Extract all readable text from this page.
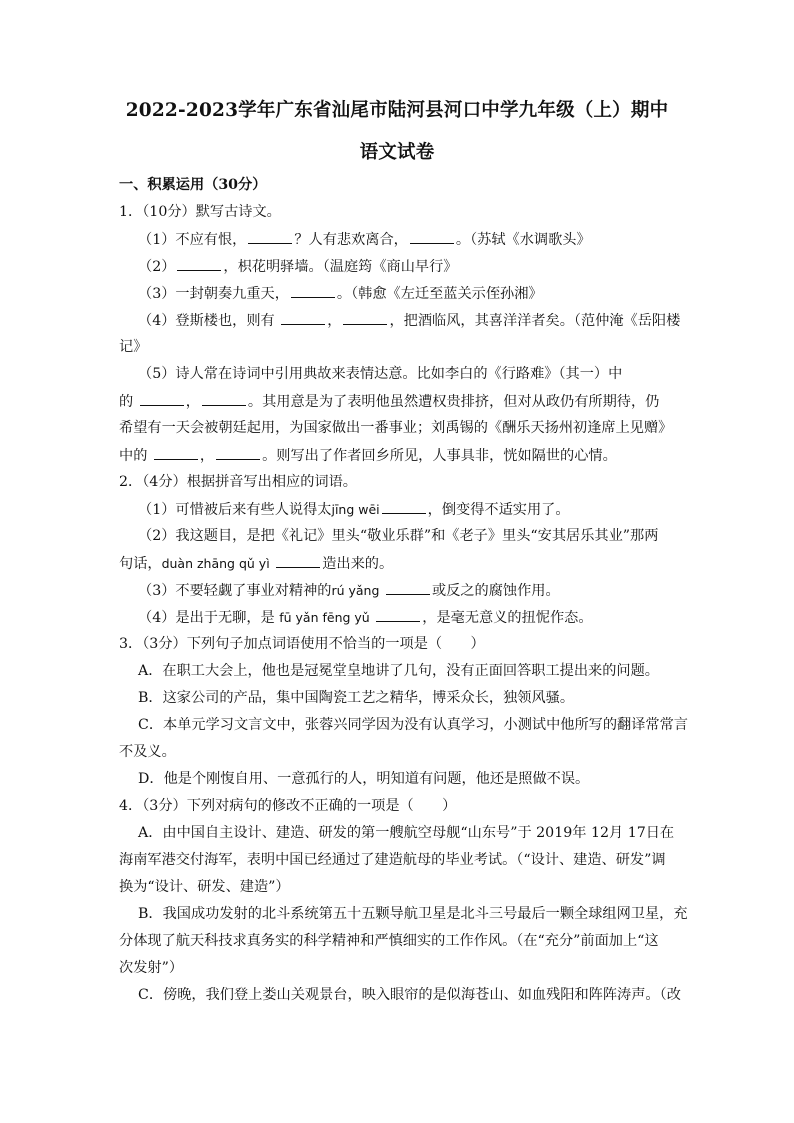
2022-2023学年广东省汕尾市陆河县河口中学九年级（上）期中
语文试卷
一、积累运用（30分）
1．（10分）默写古诗文。
（1）不应有恨，	？人有悲欢离合，	。（苏轼《水调歌头》
（2）	，枳花明驿墙。（温庭筠《商山早行》
（3）一封朝奏九重天，	。（韩愈《左迁至蓝关示侄孙湘》
（4）登斯楼也，则有	，	，把酒临风，其喜洋洋者矣。（范仲淹《岳阳楼
记》
（5）诗人常在诗词中引用典故来表情达意。比如李白的《行路难》（其一）中
的	，	。其用意是为了表明他虽然遭权贵排挤，但对从政仍有所期待，仍
希望有一天会被朝廷起用，为国家做出一番事业；刘禹锡的《酬乐天扬州初逢席上见赠》
中的	，	。则写出了作者回乡所见，人事具非，恍如隔世的心情。
2．（4分）根据拼音写出相应的词语。
（1）可惜被后来有些人说得太jīng wēi	，倒变得不适实用了。
（2）我这题目，是把《礼记》里头“敬业乐群”和《老子》里头“安其居乐其业”那两
句话，duàn zhāng qǔ yì	造出来的。
（3）不要轻觑了事业对精神的rú yǎng	或反之的腐蚀作用。
（4）是出于无聊，是 fū yǎn fēng yǔ	，是毫无意义的扭怩作态。
3．（3分）下列句子加点词语使用不恰当的一项是（　　）
A．在职工大会上，他也是冠冕堂皇地讲了几句，没有正面回答职工提出来的问题。
B．这家公司的产品，集中国陶瓷工艺之精华，博采众长，独领风骚。
C．本单元学习文言文中，张蓉兴同学因为没有认真学习，小测试中他所写的翻译常常言
不及义。
D．他是个刚愎自用、一意孤行的人，明知道有问题，他还是照做不误。
4．（3分）下列对病句的修改不正确的一项是（　　）
A．由中国自主设计、建造、研发的第一艘航空母舰“山东号”于 2019年 12月 17日在
海南军港交付海军，表明中国已经通过了建造航母的毕业考试。（“设计、建造、研发”调
换为“设计、研发、建造”）
B．我国成功发射的北斗系统第五十五颗导航卫星是北斗三号最后一颗全球组网卫星，充
分体现了航天科技求真务实的科学精神和严慎细实的工作作风。（在“充分”前面加上“这
次发射”）
C．傍晚，我们登上娄山关观景台，映入眼帘的是似海苍山、如血残阳和阵阵涛声。（改
